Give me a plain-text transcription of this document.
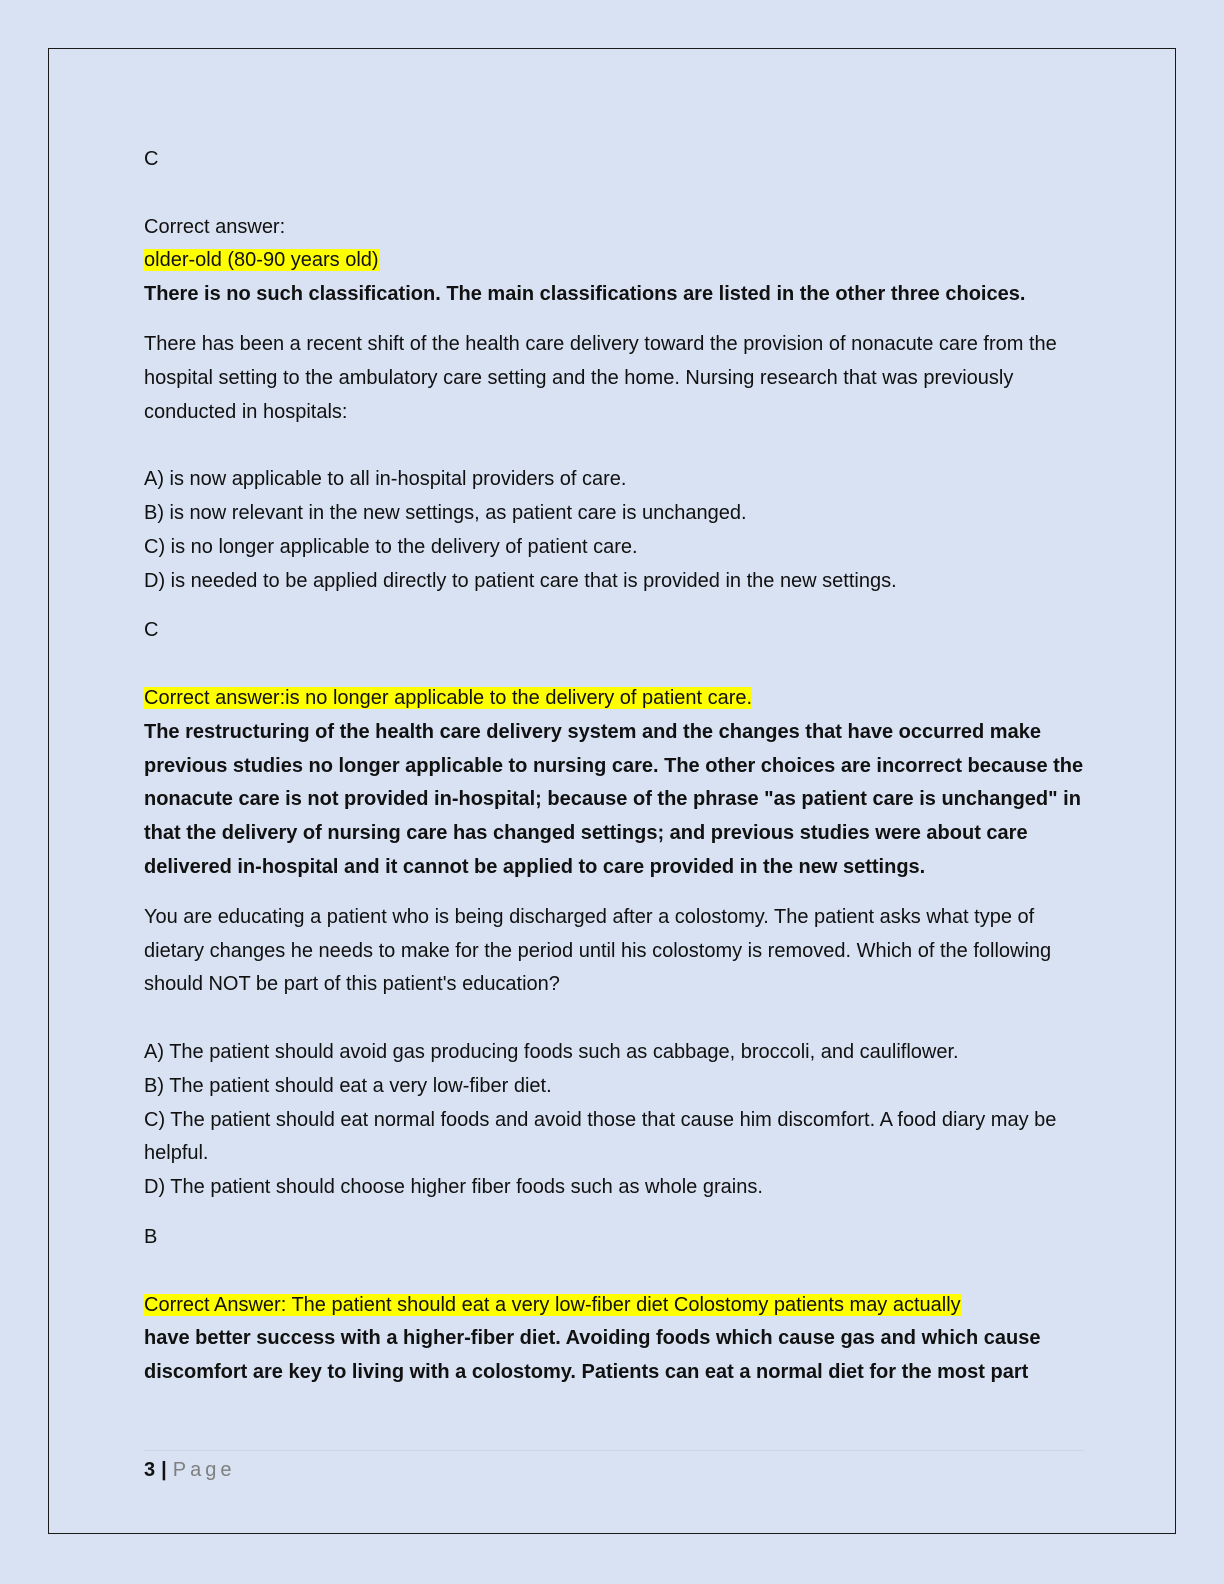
C

Correct answer:

older-old (80-90 years old)

There is no such classification. The main classifications are listed in the other three choices.

There has been a recent shift of the health care delivery toward the provision of nonacute care from the hospital setting to the ambulatory care setting and the home. Nursing research that was previously conducted in hospitals:

A) is now applicable to all in-hospital providers of care.

B) is now relevant in the new settings, as patient care is unchanged.

C) is no longer applicable to the delivery of patient care.

D) is needed to be applied directly to patient care that is provided in the new settings.

C

Correct answer:is no longer applicable to the delivery of patient care.

The restructuring of the health care delivery system and the changes that have occurred make previous studies no longer applicable to nursing care. The other choices are incorrect because the nonacute care is not provided in-hospital; because of the phrase "as patient care is unchanged" in that the delivery of nursing care has changed settings; and previous studies were about care delivered in-hospital and it cannot be applied to care provided in the new settings.

You are educating a patient who is being discharged after a colostomy. The patient asks what type of dietary changes he needs to make for the period until his colostomy is removed. Which of the following should NOT be part of this patient's education?

A) The patient should avoid gas producing foods such as cabbage, broccoli, and cauliflower.

B) The patient should eat a very low-fiber diet.

C) The patient should eat normal foods and avoid those that cause him discomfort. A food diary may be helpful.

D) The patient should choose higher fiber foods such as whole grains.

B

Correct Answer: The patient should eat a very low-fiber diet Colostomy patients may actually

have better success with a higher-fiber diet. Avoiding foods which cause gas and which cause discomfort are key to living with a colostomy. Patients can eat a normal diet for the most part

3 | Page
